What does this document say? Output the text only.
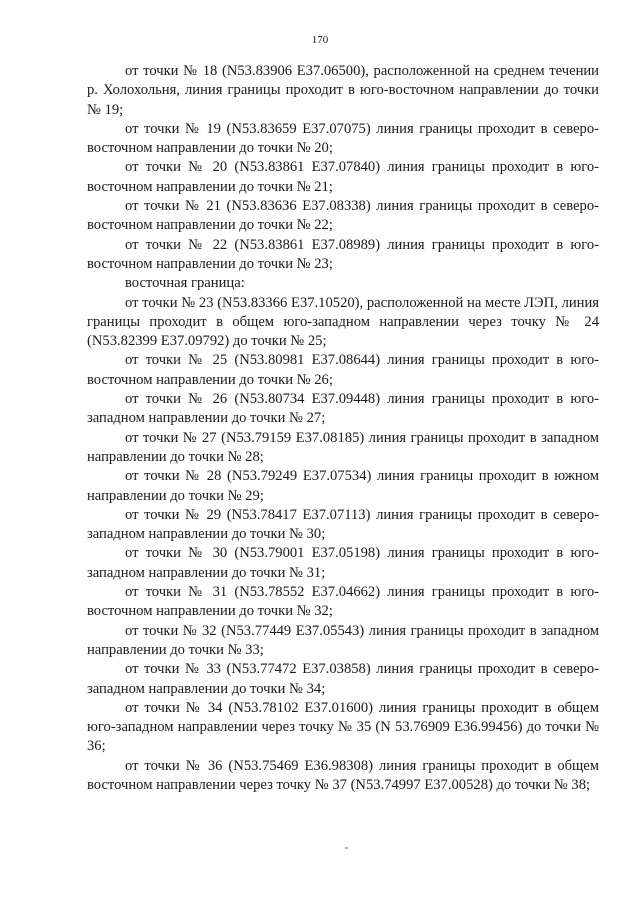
170

от точки № 18 (N53.83906 E37.06500), расположенной на среднем течении р. Холохольня, линия границы проходит в юго-восточном направлении до точки № 19;

от точки № 19 (N53.83659 E37.07075) линия границы проходит в северо-восточном направлении до точки № 20;

от точки № 20 (N53.83861 E37.07840) линия границы проходит в юго-восточном направлении до точки № 21;

от точки № 21 (N53.83636 E37.08338) линия границы проходит в северо-восточном направлении до точки № 22;

от точки № 22 (N53.83861 E37.08989) линия границы проходит в юго-восточном направлении до точки № 23;

восточная граница:

от точки № 23 (N53.83366 E37.10520), расположенной на месте ЛЭП, линия границы проходит в общем юго-западном направлении через точку № 24 (N53.82399 E37.09792) до точки № 25;

от точки № 25 (N53.80981 E37.08644) линия границы проходит в юго-восточном направлении до точки № 26;

от точки № 26 (N53.80734 E37.09448) линия границы проходит в юго-западном направлении до точки № 27;

от точки № 27 (N53.79159 E37.08185) линия границы проходит в западном направлении до точки № 28;

от точки № 28 (N53.79249 E37.07534) линия границы проходит в южном направлении до точки № 29;

от точки № 29 (N53.78417 E37.07113) линия границы проходит в северо-западном направлении до точки № 30;

от точки № 30 (N53.79001 E37.05198) линия границы проходит в юго-западном направлении до точки № 31;

от точки № 31 (N53.78552 E37.04662) линия границы проходит в юго-восточном направлении до точки № 32;

от точки № 32 (N53.77449 E37.05543) линия границы проходит в западном направлении до точки № 33;

от точки № 33 (N53.77472 E37.03858) линия границы проходит в северо-западном направлении до точки № 34;

от точки № 34 (N53.78102 E37.01600) линия границы проходит в общем юго-западном направлении через точку № 35 (N 53.76909 E36.99456) до точки № 36;

от точки № 36 (N53.75469 E36.98308) линия границы проходит в общем восточном направлении через точку № 37 (N53.74997 E37.00528) до точки № 38;
